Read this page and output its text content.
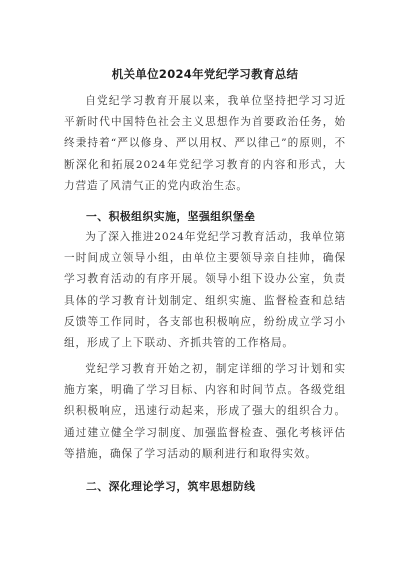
机关单位2024年党纪学习教育总结

自党纪学习教育开展以来，我单位坚持把学习习近平新时代中国特色社会主义思想作为首要政治任务，始终秉持着“严以修身、严以用权、严以律己”的原则，不断深化和拓展2024年党纪学习教育的内容和形式，大力营造了风清气正的党内政治生态。

一、积极组织实施，坚强组织堡垒

为了深入推进2024年党纪学习教育活动，我单位第一时间成立领导小组，由单位主要领导亲自挂帅，确保学习教育活动的有序开展。领导小组下设办公室，负责具体的学习教育计划制定、组织实施、监督检查和总结反馈等工作同时，各支部也积极响应，纷纷成立学习小组，形成了上下联动、齐抓共管的工作格局。

党纪学习教育开始之初，制定详细的学习计划和实施方案，明确了学习目标、内容和时间节点。各级党组织积极响应，迅速行动起来，形成了强大的组织合力。通过建立健全学习制度、加强监督检查、强化考核评估等措施，确保了学习活动的顺利进行和取得实效。

二、深化理论学习，筑牢思想防线
